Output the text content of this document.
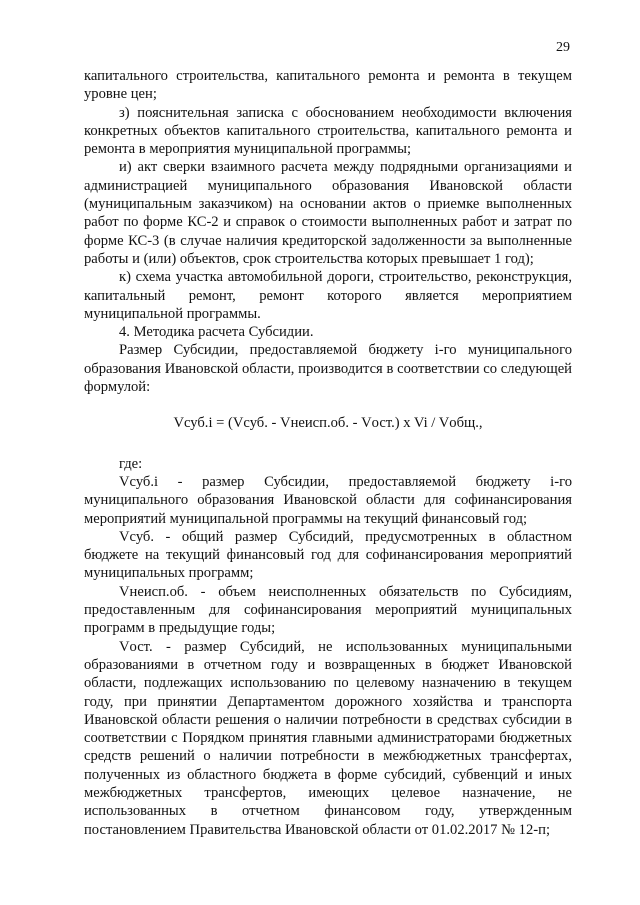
29

капитального строительства, капитального ремонта и ремонта в текущем уровне цен;

з) пояснительная записка с обоснованием необходимости включения конкретных объектов капитального строительства, капитального ремонта и ремонта в мероприятия муниципальной программы;

и) акт сверки взаимного расчета между подрядными организациями и администрацией муниципального образования Ивановской области (муниципальным заказчиком) на основании актов о приемке выполненных работ по форме КС-2 и справок о стоимости выполненных работ и затрат по форме КС-3 (в случае наличия кредиторской задолженности за выполненные работы и (или) объектов, срок строительства которых превышает 1 год);

к) схема участка автомобильной дороги, строительство, реконструкция, капитальный ремонт, ремонт которого является мероприятием муниципальной программы.

4. Методика расчета Субсидии.

Размер Субсидии, предоставляемой бюджету i-го муниципального образования Ивановской области, производится в соответствии со следующей формулой:

Vсуб.i = (Vсуб. - Vнеисп.об. - Vост.) x Vi / Vобщ.,

где:

Vсуб.i - размер Субсидии, предоставляемой бюджету i-го муниципального образования Ивановской области для софинансирования мероприятий муниципальной программы на текущий финансовый год;

Vсуб. - общий размер Субсидий, предусмотренных в областном бюджете на текущий финансовый год для софинансирования мероприятий муниципальных программ;

Vнеисп.об. - объем неисполненных обязательств по Субсидиям, предоставленным для софинансирования мероприятий муниципальных программ в предыдущие годы;

Vост. - размер Субсидий, не использованных муниципальными образованиями в отчетном году и возвращенных в бюджет Ивановской области, подлежащих использованию по целевому назначению в текущем году, при принятии Департаментом дорожного хозяйства и транспорта Ивановской области решения о наличии потребности в средствах субсидии в соответствии с Порядком принятия главными администраторами бюджетных средств решений о наличии потребности в межбюджетных трансфертах, полученных из областного бюджета в форме субсидий, субвенций и иных межбюджетных трансфертов, имеющих целевое назначение, не использованных в отчетном финансовом году, утвержденным постановлением Правительства Ивановской области от 01.02.2017 № 12-п;
